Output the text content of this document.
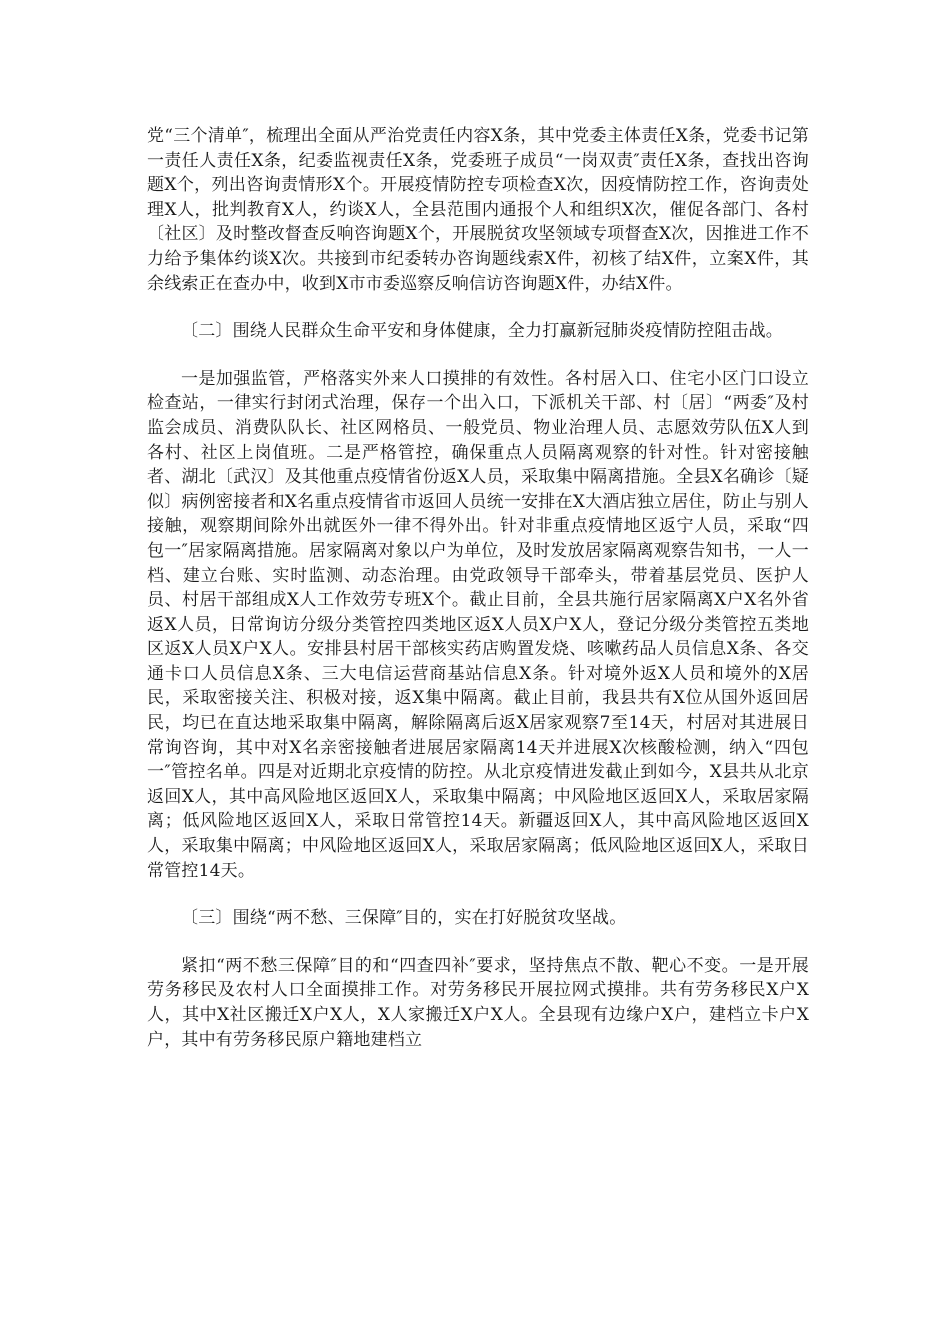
党“三个清单″，梳理出全面从严治党责任内容X条，其中党委主体责任X条，党委书记第一责任人责任X条，纪委监视责任X条，党委班子成员“一岗双责″责任X条，查找出咨询题X个，列出咨询责情形X个。开展疫情防控专项检查X次，因疫情防控工作，咨询责处理X人，批判教育X人，约谈X人，全县范围内通报个人和组织X次，催促各部门、各村〔社区〕及时整改督查反响咨询题X个，开展脱贫攻坚领域专项督查X次，因推进工作不力给予集体约谈X次。共接到市纪委转办咨询题线索X件，初核了结X件，立案X件，其余线索正在查办中，收到X市市委巡察反响信访咨询题X件，办结X件。

〔二〕围绕人民群众生命平安和身体健康，全力打赢新冠肺炎疫情防控阻击战。

一是加强监管，严格落实外来人口摸排的有效性。各村居入口、住宅小区门口设立检查站，一律实行封闭式治理，保存一个出入口，下派机关干部、村〔居〕“两委″及村监会成员、消费队队长、社区网格员、一般党员、物业治理人员、志愿效劳队伍X人到各村、社区上岗值班。二是严格管控，确保重点人员隔离观察的针对性。针对密接触者、湖北〔武汉〕及其他重点疫情省份返X人员，采取集中隔离措施。全县X名确诊〔疑似〕病例密接者和X名重点疫情省市返回人员统一安排在X大酒店独立居住，防止与别人接触，观察期间除外出就医外一律不得外出。针对非重点疫情地区返宁人员，采取“四包一″居家隔离措施。居家隔离对象以户为单位，及时发放居家隔离观察告知书，一人一档、建立台账、实时监测、动态治理。由党政领导干部牵头，带着基层党员、医护人员、村居干部组成X人工作效劳专班X个。截止目前，全县共施行居家隔离X户X名外省返X人员，日常询访分级分类管控四类地区返X人员X户X人，登记分级分类管控五类地区返X人员X户X人。安排县村居干部核实药店购置发烧、咳嗽药品人员信息X条、各交通卡口人员信息X条、三大电信运营商基站信息X条。针对境外返X人员和境外的X居民，采取密接关注、积极对接，返X集中隔离。截止目前，我县共有X位从国外返回居民，均已在直达地采取集中隔离，解除隔离后返X居家观察7至14天，村居对其进展日常询咨询，其中对X名亲密接触者进展居家隔离14天并进展X次核酸检测，纳入“四包一″管控名单。四是对近期北京疫情的防控。从北京疫情进发截止到如今，X县共从北京返回X人，其中高风险地区返回X人，采取集中隔离；中风险地区返回X人，采取居家隔离；低风险地区返回X人，采取日常管控14天。新疆返回X人，其中高风险地区返回X人，采取集中隔离；中风险地区返回X人，采取居家隔离；低风险地区返回X人，采取日常管控14天。

〔三〕围绕“两不愁、三保障″目的，实在打好脱贫攻坚战。

紧扣“两不愁三保障″目的和“四查四补″要求，坚持焦点不散、靶心不变。一是开展劳务移民及农村人口全面摸排工作。对劳务移民开展拉网式摸排。共有劳务移民X户X人，其中X社区搬迁X户X人，X人家搬迁X户X人。全县现有边缘户X户，建档立卡户X户，其中有劳务移民原户籍地建档立
